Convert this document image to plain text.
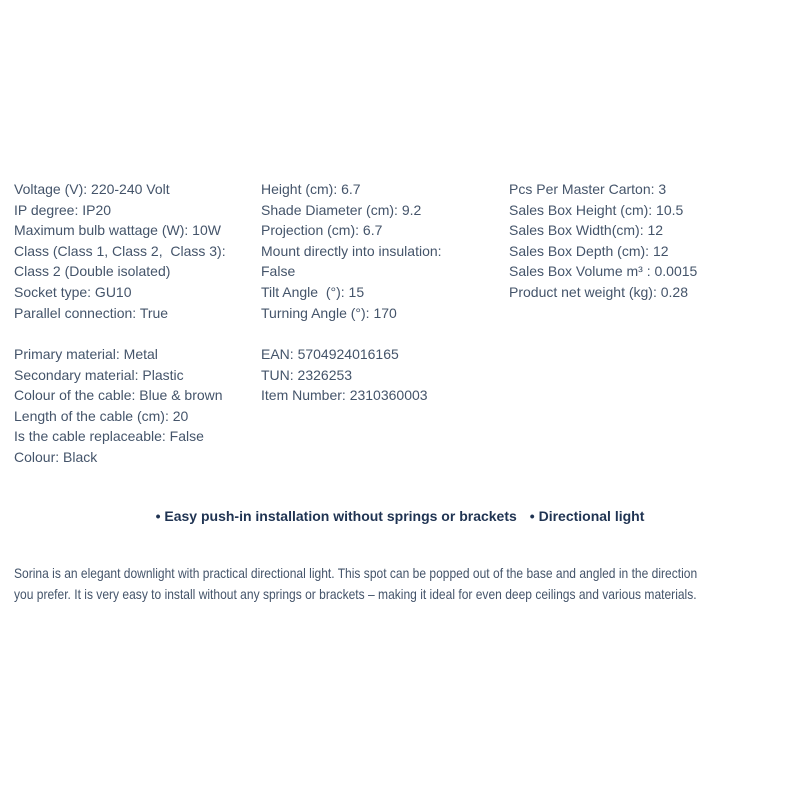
Voltage (V): 220-240 Volt
IP degree: IP20
Maximum bulb wattage (W): 10W
Class (Class 1, Class 2,  Class 3):
Class 2 (Double isolated)
Socket type: GU10
Parallel connection: True
Height (cm): 6.7
Shade Diameter (cm): 9.2
Projection (cm): 6.7
Mount directly into insulation:
False
Tilt Angle  (°): 15
Turning Angle (°): 170
Pcs Per Master Carton: 3
Sales Box Height (cm): 10.5
Sales Box Width(cm): 12
Sales Box Depth (cm): 12
Sales Box Volume m³ : 0.0015
Product net weight (kg): 0.28
Primary material: Metal
Secondary material: Plastic
Colour of the cable: Blue & brown
Length of the cable (cm): 20
Is the cable replaceable: False
Colour: Black
EAN: 5704924016165
TUN: 2326253
Item Number: 2310360003
• Easy push-in installation without springs or brackets • Directional light
Sorina is an elegant downlight with practical directional light. This spot can be popped out of the base and angled in the direction
you prefer. It is very easy to install without any springs or brackets – making it ideal for even deep ceilings and various materials.
